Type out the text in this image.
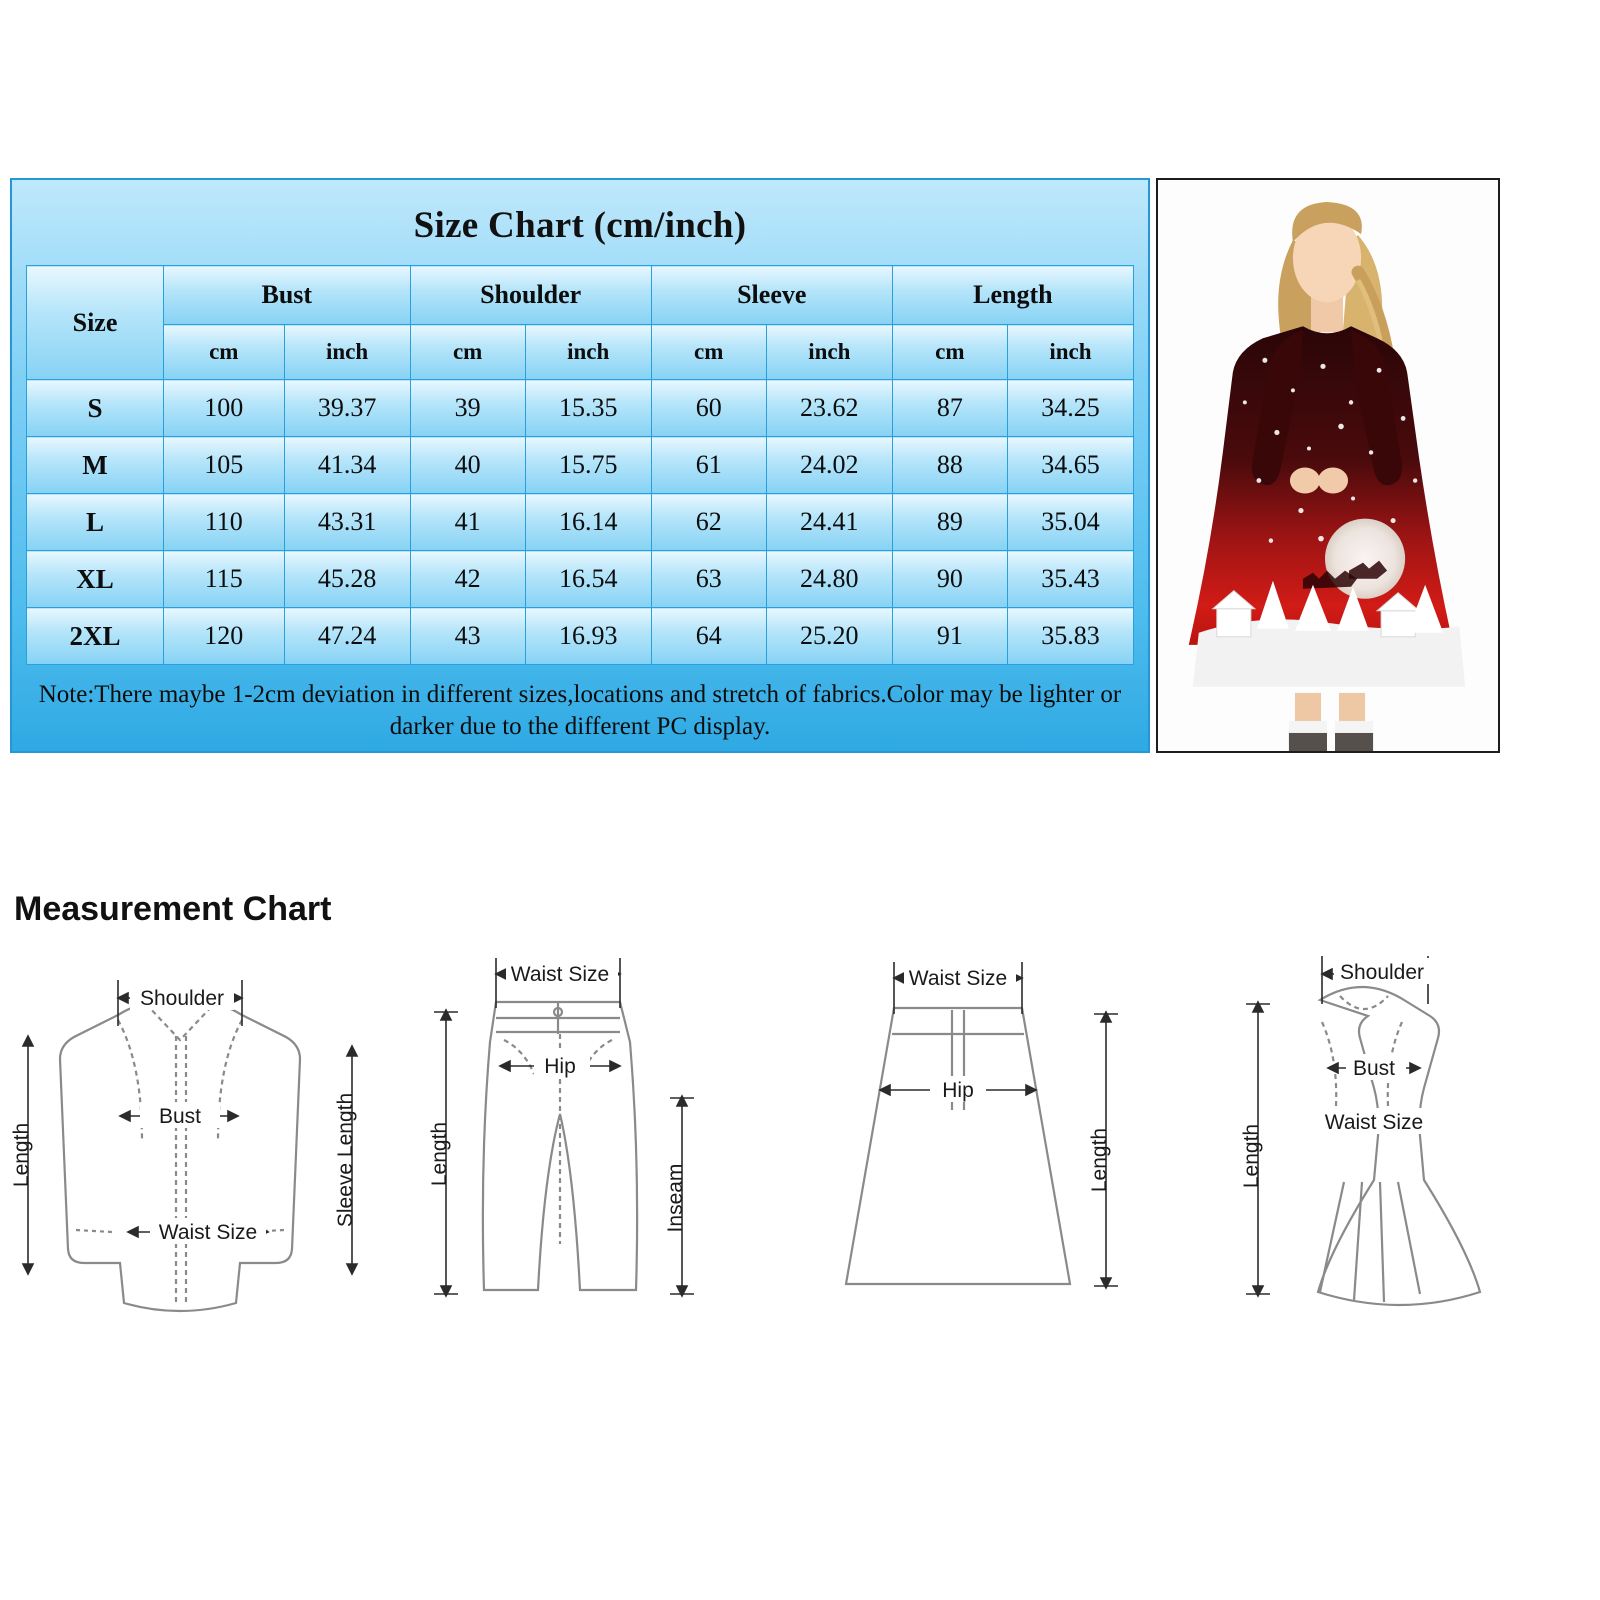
Size Chart (cm/inch)
Size	Bust		Shoulder		Sleeve		Length	
	cm	inch	cm	inch	cm	inch	cm	inch
S	100	39.37	39	15.35	60	23.62	87	34.25
M	105	41.34	40	15.75	61	24.02	88	34.65
L	110	43.31	41	16.14	62	24.41	89	35.04
XL	115	45.28	42	16.54	63	24.80	90	35.43
2XL	120	47.24	43	16.93	64	25.20	91	35.83
Note:There maybe 1-2cm deviation in different sizes,locations and stretch of fabrics.Color may be lighter or darker due to the different PC display.
Measurement Chart
Shoulder
Bust
Waist Size
Length	Sleeve Length
Waist Size
Hip
Length
Inseam
Waist Size
Hip
Length
Shoulder
Bust
Waist Size
Length
